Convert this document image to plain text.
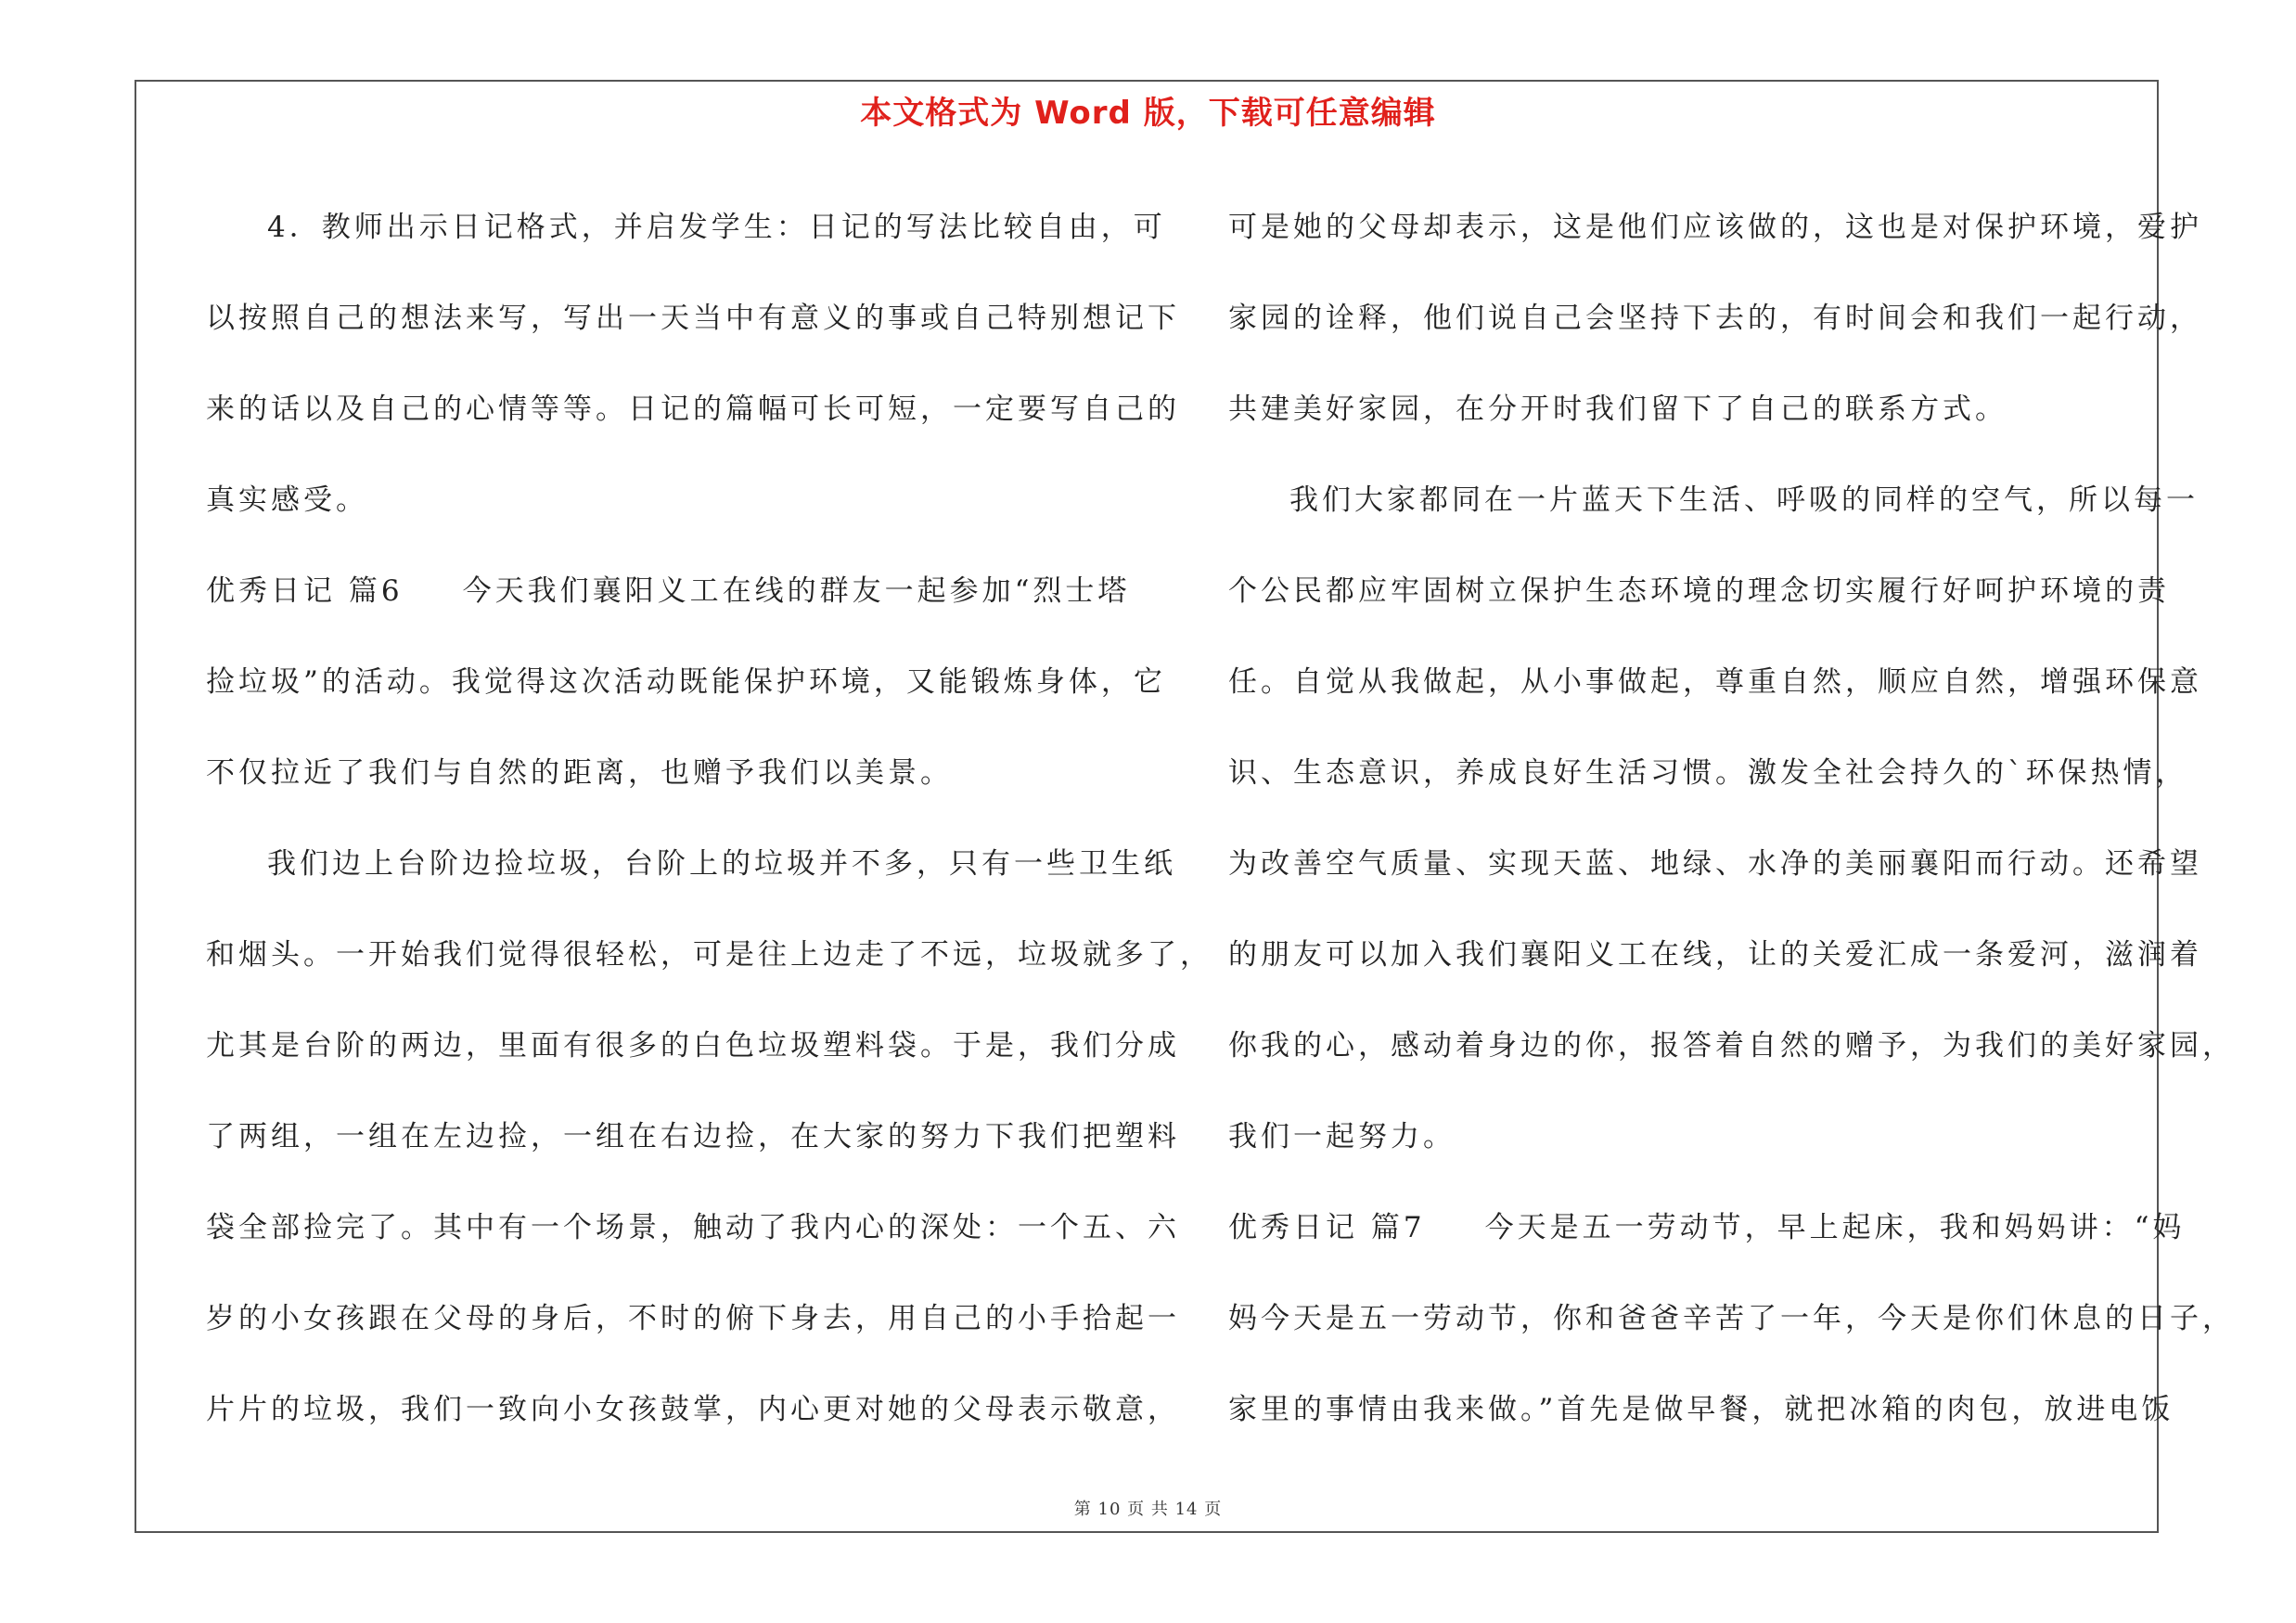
本文格式为 Word 版，下载可任意编辑
4．教师出示日记格式，并启发学生：日记的写法比较自由，可
以按照自己的想法来写，写出一天当中有意义的事或自己特别想记下
来的话以及自己的心情等等。日记的篇幅可长可短，一定要写自己的
真实感受。
优秀日记 篇6 今天我们襄阳义工在线的群友一起参加“烈士塔
捡垃圾”的活动。我觉得这次活动既能保护环境，又能锻炼身体，它
不仅拉近了我们与自然的距离，也赠予我们以美景。
我们边上台阶边捡垃圾，台阶上的垃圾并不多，只有一些卫生纸
和烟头。一开始我们觉得很轻松，可是往上边走了不远，垃圾就多了，
尤其是台阶的两边，里面有很多的白色垃圾塑料袋。于是，我们分成
了两组，一组在左边捡，一组在右边捡，在大家的努力下我们把塑料
袋全部捡完了。其中有一个场景，触动了我内心的深处：一个五、六
岁的小女孩跟在父母的身后，不时的俯下身去，用自己的小手拾起一
片片的垃圾，我们一致向小女孩鼓掌，内心更对她的父母表示敬意，
可是她的父母却表示，这是他们应该做的，这也是对保护环境，爱护
家园的诠释，他们说自己会坚持下去的，有时间会和我们一起行动，
共建美好家园，在分开时我们留下了自己的联系方式。
我们大家都同在一片蓝天下生活、呼吸的同样的空气，所以每一
个公民都应牢固树立保护生态环境的理念切实履行好呵护环境的责
任。自觉从我做起，从小事做起，尊重自然，顺应自然，增强环保意
识、生态意识，养成良好生活习惯。激发全社会持久的`环保热情，
为改善空气质量、实现天蓝、地绿、水净的美丽襄阳而行动。还希望
的朋友可以加入我们襄阳义工在线，让的关爱汇成一条爱河，滋润着
你我的心，感动着身边的你，报答着自然的赠予，为我们的美好家园，
我们一起努力。
优秀日记 篇7 今天是五一劳动节，早上起床，我和妈妈讲：“妈
妈今天是五一劳动节，你和爸爸辛苦了一年，今天是你们休息的日子，
家里的事情由我来做。”首先是做早餐，就把冰箱的肉包，放进电饭
第 10 页 共 14 页
